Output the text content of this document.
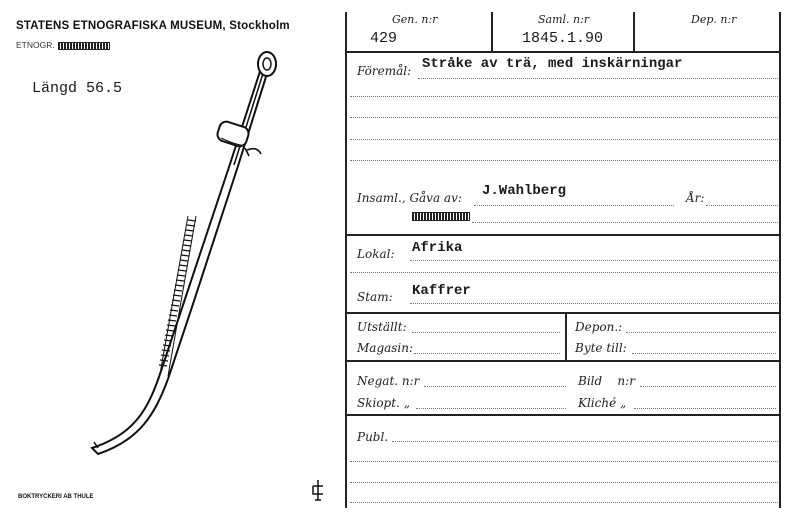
STATENS ETNOGRAFISKA MUSEUM, Stockholm
ETNOGR.
Längd 56.5
BOKTRYCKERI AB THULE
Gen. n:r
429
Saml. n:r
1845.1.90
Dep. n:r
Föremål: Stråke av trä, med inskärningar
Insaml., Gåva av: J.Wahlberg	År:
Lokal: Afrika
Stam: Kaffrer
Utställt:	Depon.:
Magasin:	Byte till:
Negat. n:r	Bild    n:r
Skiopt. „	Kliché „
Publ.
